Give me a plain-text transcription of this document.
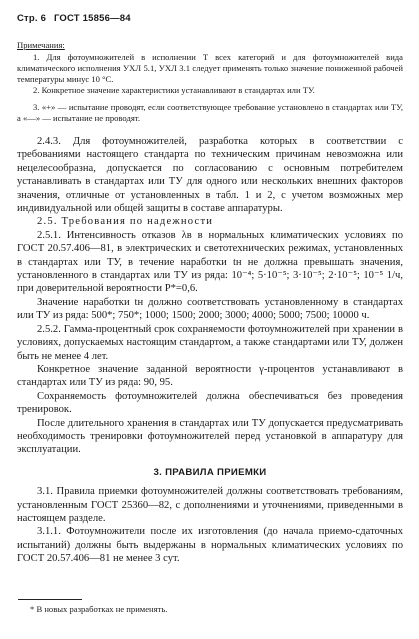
Стр. 6 ГОСТ 15856—84
Примечания:

1. Для фотоумножителей в исполнении Т всех категорий и для фотоумножителей вида климатического исполнения УХЛ 5.1, УХЛ 3.1 следует применять только значение пониженной рабочей температуры минус 10 °С.

2. Конкретное значение характеристики устанавливают в стандартах или ТУ.

3. «+» — испытание проводят, если соответствующее требование установлено в стандартах или ТУ, а «—» — испытание не проводят.

2.4.3. Для фотоумножителей, разработка которых в соответствии с требованиями настоящего стандарта по техническим причинам невозможна или нецелесообразна, допускается по согласованию с основным потребителем устанавливать в стандартах или ТУ для одного или нескольких внешних факторов значения, отличные от установленных в табл. 1 и 2, с учетом возможных мер индивидуальной или общей защиты в составе аппаратуры.

2.5. Требования по надежности

2.5.1. Интенсивность отказов λв в нормальных климатических условиях по ГОСТ 20.57.406—81, в электрических и светотехнических режимах, установленных в стандартах или ТУ, в течение наработки tн не должна превышать значения, установленного в стандартах или ТУ из ряда: 10⁻⁴; 5·10⁻⁵; 3·10⁻⁵; 2·10⁻⁵; 10⁻⁵ 1/ч, при доверительной вероятности P*=0,6.

Значение наработки tн должно соответствовать установленному в стандартах или ТУ из ряда: 500*; 750*; 1000; 1500; 2000; 3000; 4000; 5000; 7500; 10000 ч.

2.5.2. Гамма-процентный срок сохраняемости фотоумножителей при хранении в условиях, допускаемых настоящим стандартом, а также стандартами или ТУ, должен быть не менее 4 лет.

Конкретное значение заданной вероятности γ-процентов устанавливают в стандартах или ТУ из ряда: 90, 95.

Сохраняемость фотоумножителей должна обеспечиваться без проведения тренировок.

После длительного хранения в стандартах или ТУ допускается предусматривать необходимость тренировки фотоумножителей перед установкой в аппаратуру для эксплуатации.

3. ПРАВИЛА ПРИЕМКИ

3.1. Правила приемки фотоумножителей должны соответствовать требованиям, установленным ГОСТ 25360—82, с дополнениями и уточнениями, приведенными в настоящем разделе.

3.1.1. Фотоумножители после их изготовления (до начала приемо-сдаточных испытаний) должны быть выдержаны в нормальных климатических условиях по ГОСТ 20.57.406—81 не менее 3 сут.

* В новых разработках не применять.
